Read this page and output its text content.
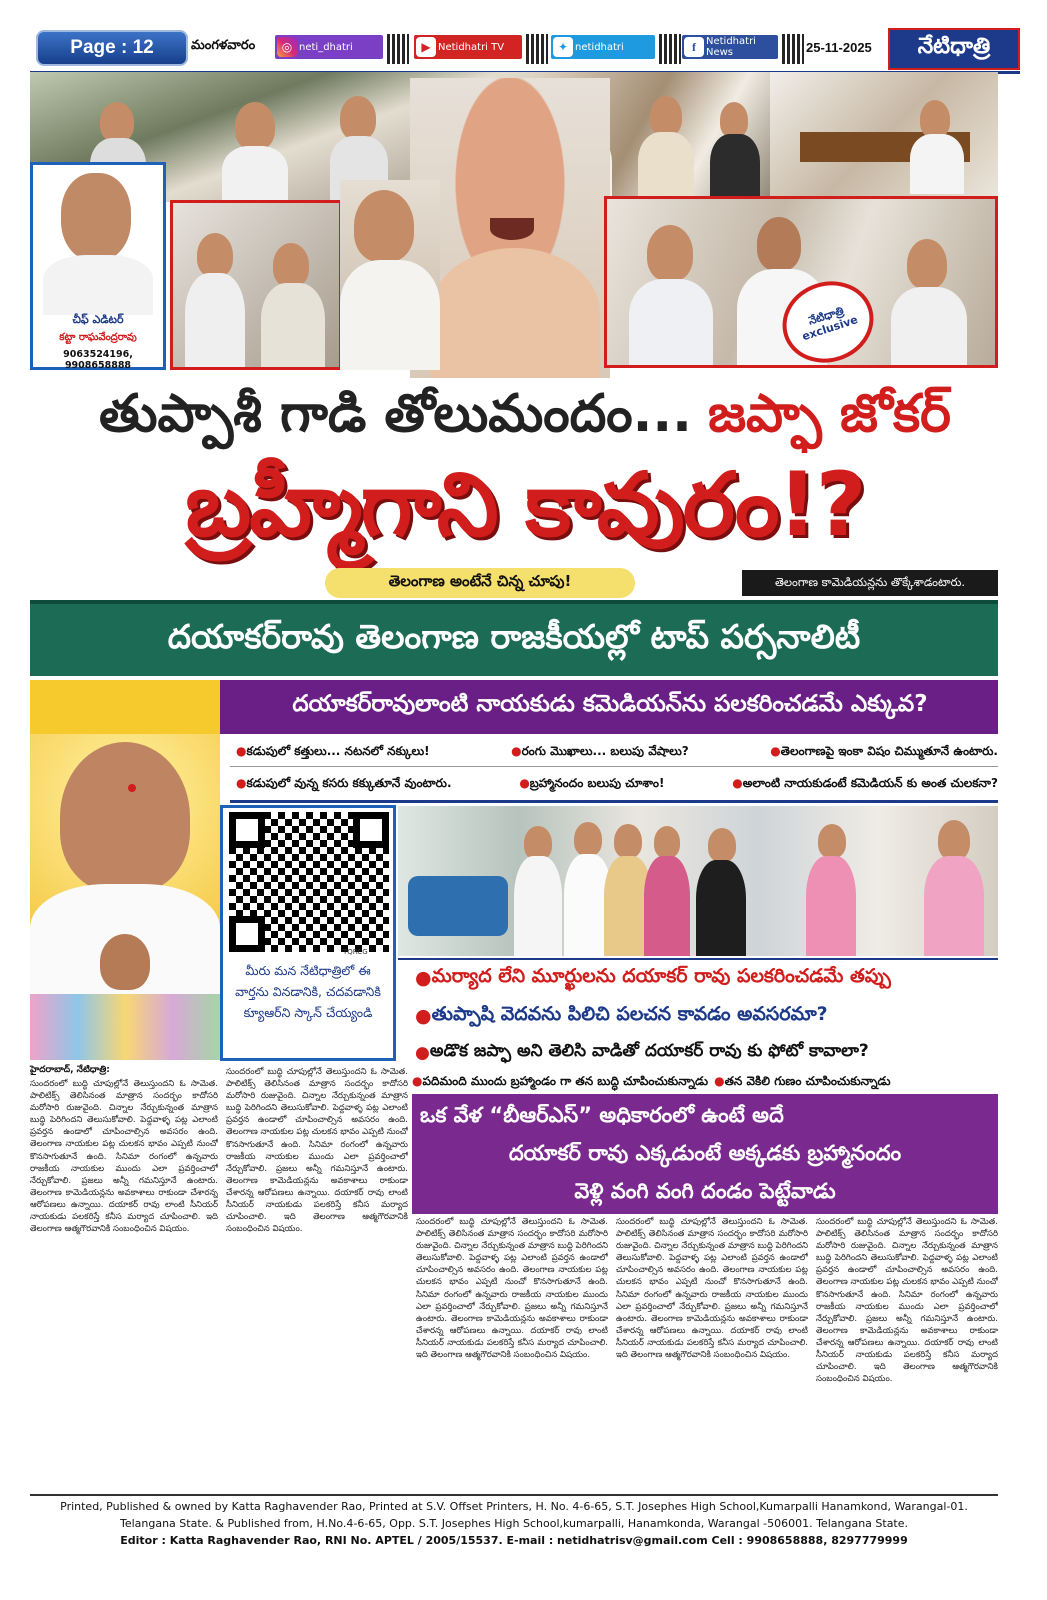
Page : 12	మంగళవారం	◎ neti_dhatri	▶ Netidhatri TV	✦ netidhatri	f	Netidhatri News	25-11-2025	నేటిధాత్రి
చీఫ్ ఎడిటర్
కట్టా రాఘవేంద్రరావు
9063524196, 9908658888
నేటిధాత్రి exclusive
తుప్పాశీ గాడి తోలుమందం... జప్ఫా జోకర్
బ్రహ్మీగాని కావురం!?
తెలంగాణ అంటేనే చిన్న చూపు!	తెలంగాణ కామెడియన్లను తొక్కేశాడంటారు.
దయాకర్‌రావు తెలంగాణ రాజకీయల్లో టాప్ పర్సనాలిటీ
దయాకర్‌రావులాంటి నాయకుడు కమెడియన్‌ను పలకరించడమే ఎక్కువ?
●కడుపులో కత్తులు... నటనలో నక్కులు!	●రంగు మొఖాలు... బలుపు వేషాలు?	●తెలంగాణపై ఇంకా విషం చిమ్ముతూనే ఉంటారు.
●కడుపులో వున్న కసరు కక్కుతూనే వుంటారు.	●బ్రహ్మానందం బలుపు చూశాం!	●అలాంటి నాయకుడంటే కమెడియన్ కు అంత చులకనా?
TQRCG
మీరు మన నేటిధాత్రిలో ఈ వార్తను వినడానికి, చదవడానికి క్యూఆర్‌ని స్కాన్ చేయ్యండి
● మర్యాద లేని మూర్ఖులను దయాకర్ రావు పలకరించడమే తప్పు
● తుప్పాషి వెదవను పిలిచి పలచన కావడం అవసరమా?
● అడొక జప్ఫా అని తెలిసి వాడితో దయాకర్ రావు కు ఫోటో కావాలా?
●పదిమంది ముందు బ్రహ్మాండం గా తన బుద్ధి చూపించుకున్నాడు ●తన వెకిలి గుణం చూపించుకున్నాడు
ఒక వేళ “బీఆర్ఎస్” అధికారంలో ఉంటే అదే
దయాకర్ రావు ఎక్కడుంటే అక్కడకు బ్రహ్మానందం
వెళ్లి వంగి వంగి దండం పెట్టేవాడు
హైదరాబాద్, నేటిధాత్రి:
సుందరంలో బుద్ధి చూపుల్లోనే తెలుస్తుందని ఓ సామెత. పాలిటిక్స్ తెలిసినంత మాత్రాన సందర్భం కాదోసరి మరోసారి రుజువైంది. చిన్నాల నేర్చుకున్నంత మాత్రాన బుద్ధి పెరిగిందని తెలుసుకోవాలి. పెద్దవాళ్ళ పట్ల ఎలాంటి ప్రవర్తన ఉండాలో చూపించాల్సిన అవసరం ఉంది. తెలంగాణ నాయకుల పట్ల చులకన భావం ఎప్పటి నుంచో కొనసాగుతూనే ఉంది. సినిమా రంగంలో ఉన్నవారు రాజకీయ నాయకుల ముందు ఎలా ప్రవర్తించాలో నేర్చుకోవాలి. ప్రజలు అన్నీ గమనిస్తూనే ఉంటారు. తెలంగాణ కామెడియన్లను అవకాశాలు రాకుండా చేశారన్న ఆరోపణలు ఉన్నాయి. దయాకర్ రావు లాంటి సీనియర్ నాయకుడు పలకరిస్తే కనీస మర్యాద చూపించాలి. ఇది తెలంగాణ ఆత్మగౌరవానికి సంబంధించిన విషయం.
సుందరంలో బుద్ధి చూపుల్లోనే తెలుస్తుందని ఓ సామెత. పాలిటిక్స్ తెలిసినంత మాత్రాన సందర్భం కాదోసరి మరోసారి రుజువైంది. చిన్నాల నేర్చుకున్నంత మాత్రాన బుద్ధి పెరిగిందని తెలుసుకోవాలి. పెద్దవాళ్ళ పట్ల ఎలాంటి ప్రవర్తన ఉండాలో చూపించాల్సిన అవసరం ఉంది. తెలంగాణ నాయకుల పట్ల చులకన భావం ఎప్పటి నుంచో కొనసాగుతూనే ఉంది. సినిమా రంగంలో ఉన్నవారు రాజకీయ నాయకుల ముందు ఎలా ప్రవర్తించాలో నేర్చుకోవాలి. ప్రజలు అన్నీ గమనిస్తూనే ఉంటారు. తెలంగాణ కామెడియన్లను అవకాశాలు రాకుండా చేశారన్న ఆరోపణలు ఉన్నాయి. దయాకర్ రావు లాంటి సీనియర్ నాయకుడు పలకరిస్తే కనీస మర్యాద చూపించాలి. ఇది తెలంగాణ ఆత్మగౌరవానికి సంబంధించిన విషయం.
సుందరంలో బుద్ధి చూపుల్లోనే తెలుస్తుందని ఓ సామెత. పాలిటిక్స్ తెలిసినంత మాత్రాన సందర్భం కాదోసరి మరోసారి రుజువైంది. చిన్నాల నేర్చుకున్నంత మాత్రాన బుద్ధి పెరిగిందని తెలుసుకోవాలి. పెద్దవాళ్ళ పట్ల ఎలాంటి ప్రవర్తన ఉండాలో చూపించాల్సిన అవసరం ఉంది. తెలంగాణ నాయకుల పట్ల చులకన భావం ఎప్పటి నుంచో కొనసాగుతూనే ఉంది. సినిమా రంగంలో ఉన్నవారు రాజకీయ నాయకుల ముందు ఎలా ప్రవర్తించాలో నేర్చుకోవాలి. ప్రజలు అన్నీ గమనిస్తూనే ఉంటారు. తెలంగాణ కామెడియన్లను అవకాశాలు రాకుండా చేశారన్న ఆరోపణలు ఉన్నాయి. దయాకర్ రావు లాంటి సీనియర్ నాయకుడు పలకరిస్తే కనీస మర్యాద చూపించాలి. ఇది తెలంగాణ ఆత్మగౌరవానికి సంబంధించిన విషయం.
సుందరంలో బుద్ధి చూపుల్లోనే తెలుస్తుందని ఓ సామెత. పాలిటిక్స్ తెలిసినంత మాత్రాన సందర్భం కాదోసరి మరోసారి రుజువైంది. చిన్నాల నేర్చుకున్నంత మాత్రాన బుద్ధి పెరిగిందని తెలుసుకోవాలి. పెద్దవాళ్ళ పట్ల ఎలాంటి ప్రవర్తన ఉండాలో చూపించాల్సిన అవసరం ఉంది. తెలంగాణ నాయకుల పట్ల చులకన భావం ఎప్పటి నుంచో కొనసాగుతూనే ఉంది. సినిమా రంగంలో ఉన్నవారు రాజకీయ నాయకుల ముందు ఎలా ప్రవర్తించాలో నేర్చుకోవాలి. ప్రజలు అన్నీ గమనిస్తూనే ఉంటారు. తెలంగాణ కామెడియన్లను అవకాశాలు రాకుండా చేశారన్న ఆరోపణలు ఉన్నాయి. దయాకర్ రావు లాంటి సీనియర్ నాయకుడు పలకరిస్తే కనీస మర్యాద చూపించాలి. ఇది తెలంగాణ ఆత్మగౌరవానికి సంబంధించిన విషయం.
సుందరంలో బుద్ధి చూపుల్లోనే తెలుస్తుందని ఓ సామెత. పాలిటిక్స్ తెలిసినంత మాత్రాన సందర్భం కాదోసరి మరోసారి రుజువైంది. చిన్నాల నేర్చుకున్నంత మాత్రాన బుద్ధి పెరిగిందని తెలుసుకోవాలి. పెద్దవాళ్ళ పట్ల ఎలాంటి ప్రవర్తన ఉండాలో చూపించాల్సిన అవసరం ఉంది. తెలంగాణ నాయకుల పట్ల చులకన భావం ఎప్పటి నుంచో కొనసాగుతూనే ఉంది. సినిమా రంగంలో ఉన్నవారు రాజకీయ నాయకుల ముందు ఎలా ప్రవర్తించాలో నేర్చుకోవాలి. ప్రజలు అన్నీ గమనిస్తూనే ఉంటారు. తెలంగాణ కామెడియన్లను అవకాశాలు రాకుండా చేశారన్న ఆరోపణలు ఉన్నాయి. దయాకర్ రావు లాంటి సీనియర్ నాయకుడు పలకరిస్తే కనీస మర్యాద చూపించాలి. ఇది తెలంగాణ ఆత్మగౌరవానికి సంబంధించిన విషయం.
Printed, Published & owned by Katta Raghavender Rao, Printed at S.V. Offset Printers, H. No. 4-6-65, S.T. Josephes High School,Kumarpalli Hanamkond, Warangal-01.
Telangana State. & Published from, H.No.4-6-65, Opp. S.T. Josephes High School,kumarpalli, Hanamkonda, Warangal -506001. Telangana State.
Editor : Katta Raghavender Rao, RNI No. APTEL / 2005/15537. E-mail : netidhatrisv@gmail.com Cell : 9908658888, 8297779999
